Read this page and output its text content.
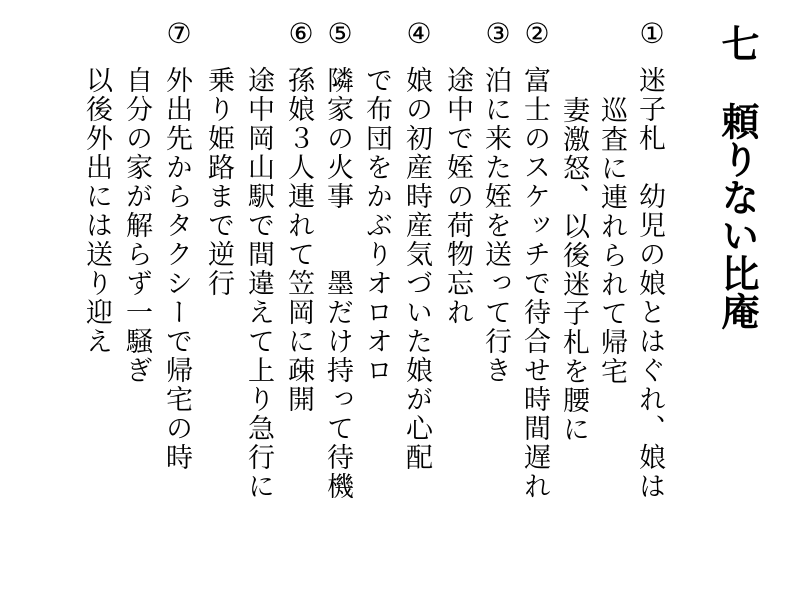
七頼りない比庵
①
迷子札　幼児の娘とはぐれ、娘は
巡査に連れられて帰宅
妻激怒、以後迷子札を腰に
②
富士のスケッチで待合せ時間遅れ
③
泊に来た姪を送って行き
途中で姪の荷物忘れ
④
娘の初産時産気づいた娘が心配
で布団をかぶりオロオロ
⑤
隣家の火事　　墨だけ持って待機
⑥
孫娘３人連れて笠岡に疎開
途中岡山駅で間違えて上り急行に
乗り姫路まで逆行
⑦
外出先からタクシーで帰宅の時
自分の家が解らず一騒ぎ
以後外出には送り迎え
